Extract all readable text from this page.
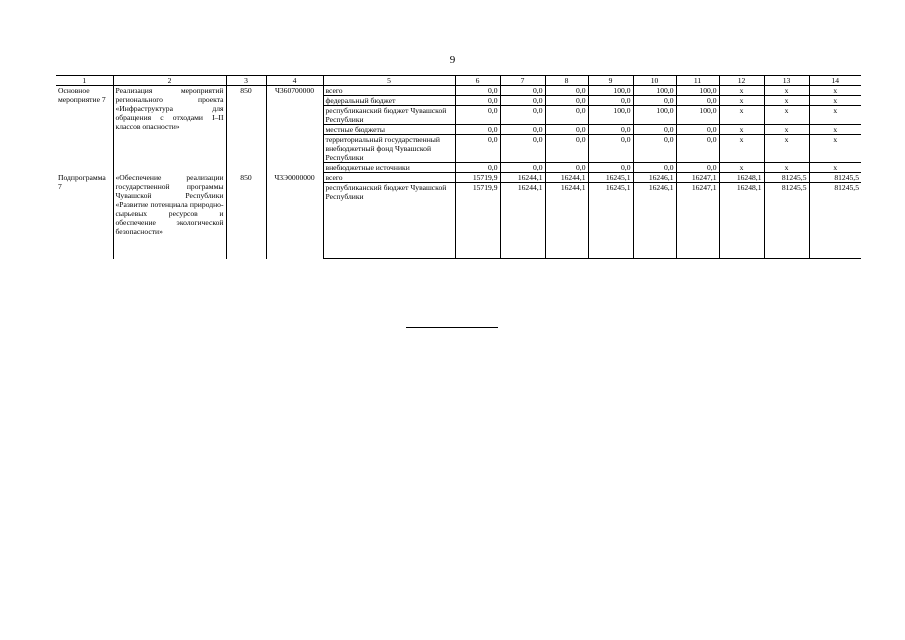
9
1	2	3	4	5	6	7	8	9	10	11	12	13	14
Основное мероприятие 7	Реализация мероприятий регионального проекта «Инфраструктура для обращения с отходами I–II классов опасности»	850	Ч360700000	всего	0,0	0,0	0,0	100,0	100,0	100,0	x	x	x
				федеральный бюджет	0,0	0,0	0,0	0,0	0,0	0,0	x	x	x
				республиканский бюджет Чувашской Республики	0,0	0,0	0,0	100,0	100,0	100,0	x	x	x
				местные бюджеты	0,0	0,0	0,0	0,0	0,0	0,0	x	x	x
				территориальный государственный внебюджетный фонд Чувашской Республики	0,0	0,0	0,0	0,0	0,0	0,0	x	x	x
				внебюджетные источники	0,0	0,0	0,0	0,0	0,0	0,0	x	x	x
Подпрограмма 7	«Обеспечение реализации государственной программы Чувашской Республики «Развитие потенциала природно-сырьевых ресурсов и обеспечение экологической безопасности»	850	Ч3Э0000000	всего	15719,9	16244,1	16244,1	16245,1	16246,1	16247,1	16248,1	81245,5	81245,5
				республиканский бюджет Чувашской Республики	15719,9	16244,1	16244,1	16245,1	16246,1	16247,1	16248,1	81245,5	81245,5
